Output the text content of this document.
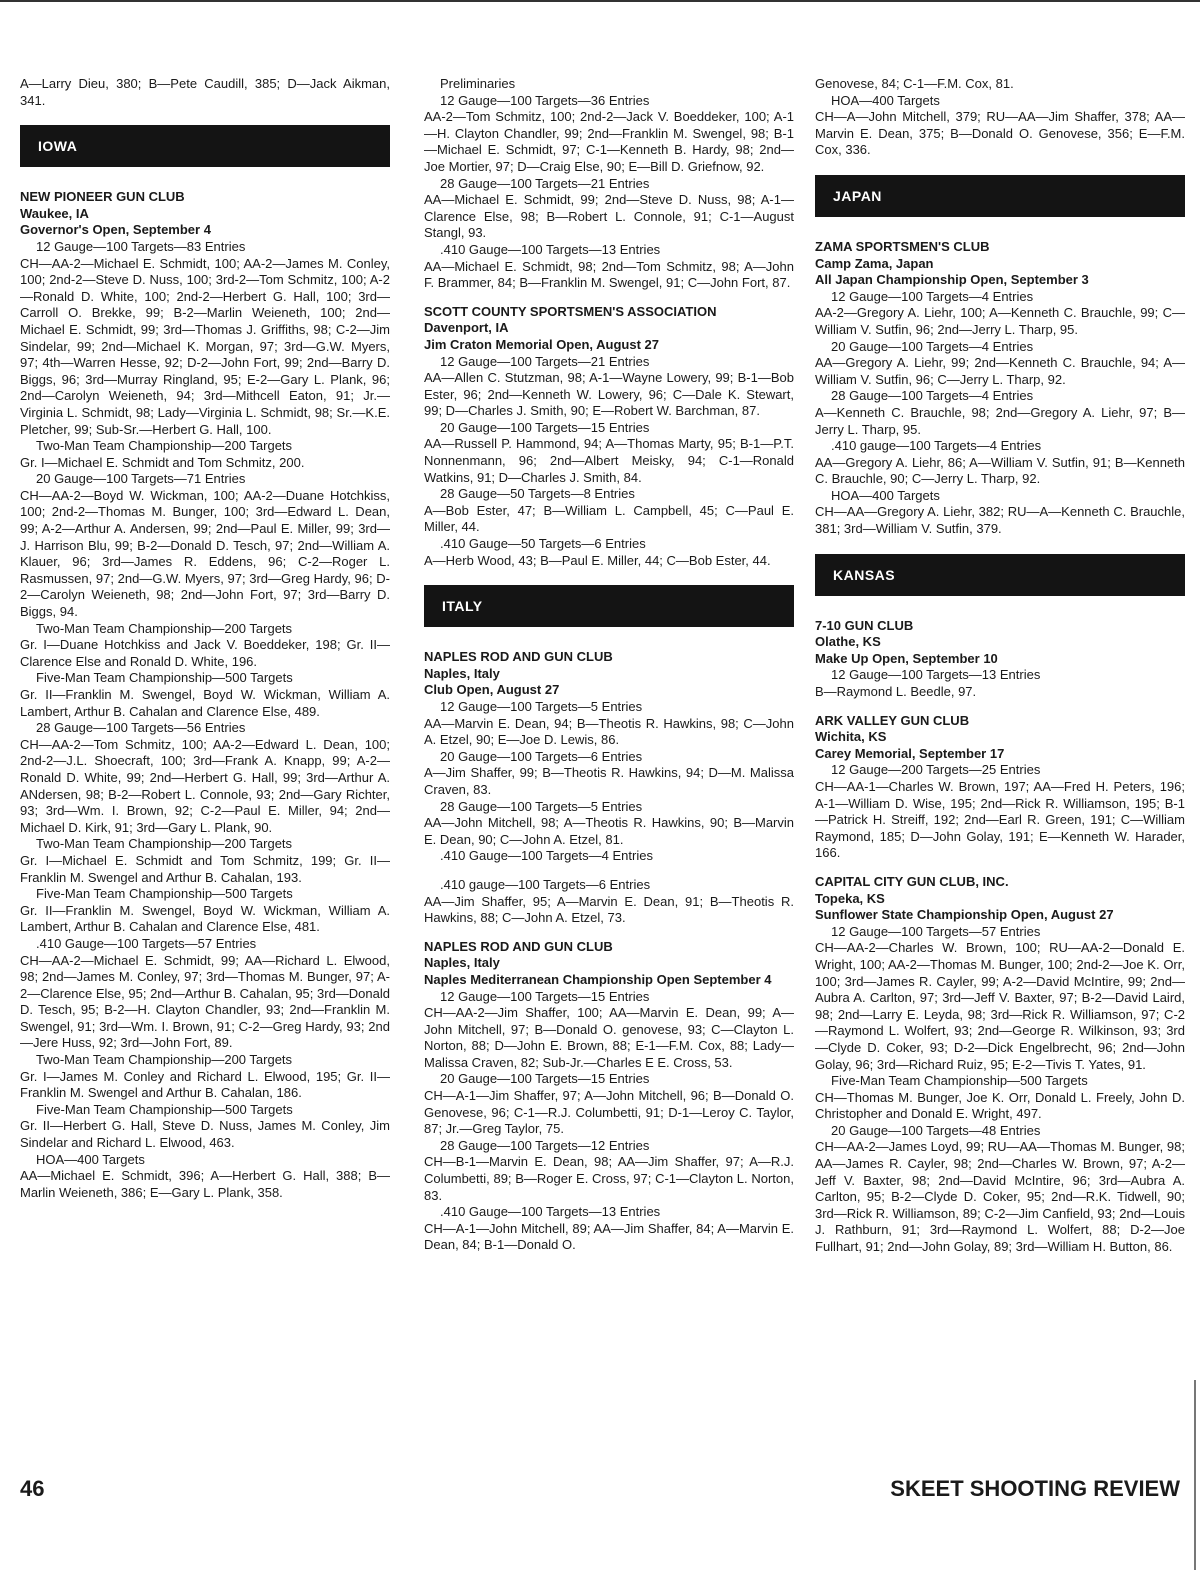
A—Larry Dieu, 380; B—Pete Caudill, 385; D—Jack Aikman, 341.

IOWA

NEW PIONEER GUN CLUB

Waukee, IA

Governor's Open, September 4

12 Gauge—100 Targets—83 Entries

CH—AA-2—Michael E. Schmidt, 100; AA-2—James M. Conley, 100; 2nd-2—Steve D. Nuss, 100; 3rd-2—Tom Schmitz, 100; A-2—Ronald D. White, 100; 2nd-2—Herbert G. Hall, 100; 3rd—Carroll O. Brekke, 99; B-2—Marlin Weieneth, 100; 2nd—Michael E. Schmidt, 99; 3rd—Thomas J. Griffiths, 98; C-2—Jim Sindelar, 99; 2nd—Michael K. Morgan, 97; 3rd—G.W. Myers, 97; 4th—Warren Hesse, 92; D-2—John Fort, 99; 2nd—Barry D. Biggs, 96; 3rd—Murray Ringland, 95; E-2—Gary L. Plank, 96; 2nd—Carolyn Weieneth, 94; 3rd—Mithcell Eaton, 91; Jr.—Virginia L. Schmidt, 98; Lady—Virginia L. Schmidt, 98; Sr.—K.E. Pletcher, 99; Sub-Sr.—Herbert G. Hall, 100.

Two-Man Team Championship—200 Targets

Gr. I—Michael E. Schmidt and Tom Schmitz, 200.

20 Gauge—100 Targets—71 Entries

CH—AA-2—Boyd W. Wickman, 100; AA-2—Duane Hotchkiss, 100; 2nd-2—Thomas M. Bunger, 100; 3rd—Edward L. Dean, 99; A-2—Arthur A. Andersen, 99; 2nd—Paul E. Miller, 99; 3rd—J. Harrison Blu, 99; B-2—Donald D. Tesch, 97; 2nd—William A. Klauer, 96; 3rd—James R. Eddens, 96; C-2—Roger L. Rasmussen, 97; 2nd—G.W. Myers, 97; 3rd—Greg Hardy, 96; D-2—Carolyn Weieneth, 98; 2nd—John Fort, 97; 3rd—Barry D. Biggs, 94.

Two-Man Team Championship—200 Targets

Gr. I—Duane Hotchkiss and Jack V. Boeddeker, 198; Gr. II—Clarence Else and Ronald D. White, 196.

Five-Man Team Championship—500 Targets

Gr. II—Franklin M. Swengel, Boyd W. Wickman, William A. Lambert, Arthur B. Cahalan and Clarence Else, 489.

28 Gauge—100 Targets—56 Entries

CH—AA-2—Tom Schmitz, 100; AA-2—Edward L. Dean, 100; 2nd-2—J.L. Shoecraft, 100; 3rd—Frank A. Knapp, 99; A-2—Ronald D. White, 99; 2nd—Herbert G. Hall, 99; 3rd—Arthur A. ANdersen, 98; B-2—Robert L. Connole, 93; 2nd—Gary Richter, 93; 3rd—Wm. I. Brown, 92; C-2—Paul E. Miller, 94; 2nd—Michael D. Kirk, 91; 3rd—Gary L. Plank, 90.

Two-Man Team Championship—200 Targets

Gr. I—Michael E. Schmidt and Tom Schmitz, 199; Gr. II—Franklin M. Swengel and Arthur B. Cahalan, 193.

Five-Man Team Championship—500 Targets

Gr. II—Franklin M. Swengel, Boyd W. Wickman, William A. Lambert, Arthur B. Cahalan and Clarence Else, 481.

.410 Gauge—100 Targets—57 Entries

CH—AA-2—Michael E. Schmidt, 99; AA—Richard L. Elwood, 98; 2nd—James M. Conley, 97; 3rd—Thomas M. Bunger, 97; A-2—Clarence Else, 95; 2nd—Arthur B. Cahalan, 95; 3rd—Donald D. Tesch, 95; B-2—H. Clayton Chandler, 93; 2nd—Franklin M. Swengel, 91; 3rd—Wm. I. Brown, 91; C-2—Greg Hardy, 93; 2nd—Jere Huss, 92; 3rd—John Fort, 89.

Two-Man Team Championship—200 Targets

Gr. I—James M. Conley and Richard L. Elwood, 195; Gr. II—Franklin M. Swengel and Arthur B. Cahalan, 186.

Five-Man Team Championship—500 Targets

Gr. II—Herbert G. Hall, Steve D. Nuss, James M. Conley, Jim Sindelar and Richard L. Elwood, 463.

HOA—400 Targets

AA—Michael E. Schmidt, 396; A—Herbert G. Hall, 388; B—Marlin Weieneth, 386; E—Gary L. Plank, 358.

Preliminaries

12 Gauge—100 Targets—36 Entries

AA-2—Tom Schmitz, 100; 2nd-2—Jack V. Boeddeker, 100; A-1—H. Clayton Chandler, 99; 2nd—Franklin M. Swengel, 98; B-1—Michael E. Schmidt, 97; C-1—Kenneth B. Hardy, 98; 2nd—Joe Mortier, 97; D—Craig Else, 90; E—Bill D. Griefnow, 92.

28 Gauge—100 Targets—21 Entries

AA—Michael E. Schmidt, 99; 2nd—Steve D. Nuss, 98; A-1—Clarence Else, 98; B—Robert L. Connole, 91; C-1—August Stangl, 93.

.410 Gauge—100 Targets—13 Entries

AA—Michael E. Schmidt, 98; 2nd—Tom Schmitz, 98; A—John F. Brammer, 84; B—Franklin M. Swengel, 91; C—John Fort, 87.

SCOTT COUNTY SPORTSMEN'S ASSOCIATION

Davenport, IA

Jim Craton Memorial Open, August 27

12 Gauge—100 Targets—21 Entries

AA—Allen C. Stutzman, 98; A-1—Wayne Lowery, 99; B-1—Bob Ester, 96; 2nd—Kenneth W. Lowery, 96; C—Dale K. Stewart, 99; D—Charles J. Smith, 90; E—Robert W. Barchman, 87.

20 Gauge—100 Targets—15 Entries

AA—Russell P. Hammond, 94; A—Thomas Marty, 95; B-1—P.T. Nonnenmann, 96; 2nd—Albert Meisky, 94; C-1—Ronald Watkins, 91; D—Charles J. Smith, 84.

28 Gauge—50 Targets—8 Entries

A—Bob Ester, 47; B—William L. Campbell, 45; C—Paul E. Miller, 44.

.410 Gauge—50 Targets—6 Entries

A—Herb Wood, 43; B—Paul E. Miller, 44; C—Bob Ester, 44.

ITALY

NAPLES ROD AND GUN CLUB

Naples, Italy

Club Open, August 27

12 Gauge—100 Targets—5 Entries

AA—Marvin E. Dean, 94; B—Theotis R. Hawkins, 98; C—John A. Etzel, 90; E—Joe D. Lewis, 86.

20 Gauge—100 Targets—6 Entries

A—Jim Shaffer, 99; B—Theotis R. Hawkins, 94; D—M. Malissa Craven, 83.

28 Gauge—100 Targets—5 Entries

AA—John Mitchell, 98; A—Theotis R. Hawkins, 90; B—Marvin E. Dean, 90; C—John A. Etzel, 81.

.410 Gauge—100 Targets—4 Entries

.410 gauge—100 Targets—6 Entries

AA—Jim Shaffer, 95; A—Marvin E. Dean, 91; B—Theotis R. Hawkins, 88; C—John A. Etzel, 73.

NAPLES ROD AND GUN CLUB

Naples, Italy

Naples Mediterranean Championship Open September 4

12 Gauge—100 Targets—15 Entries

CH—AA-2—Jim Shaffer, 100; AA—Marvin E. Dean, 99; A—John Mitchell, 97; B—Donald O. genovese, 93; C—Clayton L. Norton, 88; D—John E. Brown, 88; E-1—F.M. Cox, 88; Lady—Malissa Craven, 82; Sub-Jr.—Charles E E. Cross, 53.

20 Gauge—100 Targets—15 Entries

CH—A-1—Jim Shaffer, 97; A—John Mitchell, 96; B—Donald O. Genovese, 96; C-1—R.J. Columbetti, 91; D-1—Leroy C. Taylor, 87; Jr.—Greg Taylor, 75.

28 Gauge—100 Targets—12 Entries

CH—B-1—Marvin E. Dean, 98; AA—Jim Shaffer, 97; A—R.J. Columbetti, 89; B—Roger E. Cross, 97; C-1—Clayton L. Norton, 83.

.410 Gauge—100 Targets—13 Entries

CH—A-1—John Mitchell, 89; AA—Jim Shaffer, 84; A—Marvin E. Dean, 84; B-1—Donald O.

Genovese, 84; C-1—F.M. Cox, 81.

HOA—400 Targets

CH—A—John Mitchell, 379; RU—AA—Jim Shaffer, 378; AA—Marvin E. Dean, 375; B—Donald O. Genovese, 356; E—F.M. Cox, 336.

JAPAN

ZAMA SPORTSMEN'S CLUB

Camp Zama, Japan

All Japan Championship Open, September 3

12 Gauge—100 Targets—4 Entries

AA-2—Gregory A. Liehr, 100; A—Kenneth C. Brauchle, 99; C—William V. Sutfin, 96; 2nd—Jerry L. Tharp, 95.

20 Gauge—100 Targets—4 Entries

AA—Gregory A. Liehr, 99; 2nd—Kenneth C. Brauchle, 94; A—William V. Sutfin, 96; C—Jerry L. Tharp, 92.

28 Gauge—100 Targets—4 Entries

A—Kenneth C. Brauchle, 98; 2nd—Gregory A. Liehr, 97; B—Jerry L. Tharp, 95.

.410 gauge—100 Targets—4 Entries

AA—Gregory A. Liehr, 86; A—William V. Sutfin, 91; B—Kenneth C. Brauchle, 90; C—Jerry L. Tharp, 92.

HOA—400 Targets

CH—AA—Gregory A. Liehr, 382; RU—A—Kenneth C. Brauchle, 381; 3rd—William V. Sutfin, 379.

KANSAS

7-10 GUN CLUB

Olathe, KS

Make Up Open, September 10

12 Gauge—100 Targets—13 Entries

B—Raymond L. Beedle, 97.

ARK VALLEY GUN CLUB

Wichita, KS

Carey Memorial, September 17

12 Gauge—200 Targets—25 Entries

CH—AA-1—Charles W. Brown, 197; AA—Fred H. Peters, 196; A-1—William D. Wise, 195; 2nd—Rick R. Williamson, 195; B-1—Patrick H. Streiff, 192; 2nd—Earl R. Green, 191; C—William Raymond, 185; D—John Golay, 191; E—Kenneth W. Harader, 166.

CAPITAL CITY GUN CLUB, INC.

Topeka, KS

Sunflower State Championship Open, August 27

12 Gauge—100 Targets—57 Entries

CH—AA-2—Charles W. Brown, 100; RU—AA-2—Donald E. Wright, 100; AA-2—Thomas M. Bunger, 100; 2nd-2—Joe K. Orr, 100; 3rd—James R. Cayler, 99; A-2—David McIntire, 99; 2nd—Aubra A. Carlton, 97; 3rd—Jeff V. Baxter, 97; B-2—David Laird, 98; 2nd—Larry E. Leyda, 98; 3rd—Rick R. Williamson, 97; C-2—Raymond L. Wolfert, 93; 2nd—George R. Wilkinson, 93; 3rd—Clyde D. Coker, 93; D-2—Dick Engelbrecht, 96; 2nd—John Golay, 96; 3rd—Richard Ruiz, 95; E-2—Tivis T. Yates, 91.

Five-Man Team Championship—500 Targets

CH—Thomas M. Bunger, Joe K. Orr, Donald L. Freely, John D. Christopher and Donald E. Wright, 497.

20 Gauge—100 Targets—48 Entries

CH—AA-2—James Loyd, 99; RU—AA—Thomas M. Bunger, 98; AA—James R. Cayler, 98; 2nd—Charles W. Brown, 97; A-2—Jeff V. Baxter, 98; 2nd—David McIntire, 96; 3rd—Aubra A. Carlton, 95; B-2—Clyde D. Coker, 95; 2nd—R.K. Tidwell, 90; 3rd—Rick R. Williamson, 89; C-2—Jim Canfield, 93; 2nd—Louis J. Rathburn, 91; 3rd—Raymond L. Wolfert, 88; D-2—Joe Fullhart, 91; 2nd—John Golay, 89; 3rd—William H. Button, 86.

46	SKEET SHOOTING REVIEW
